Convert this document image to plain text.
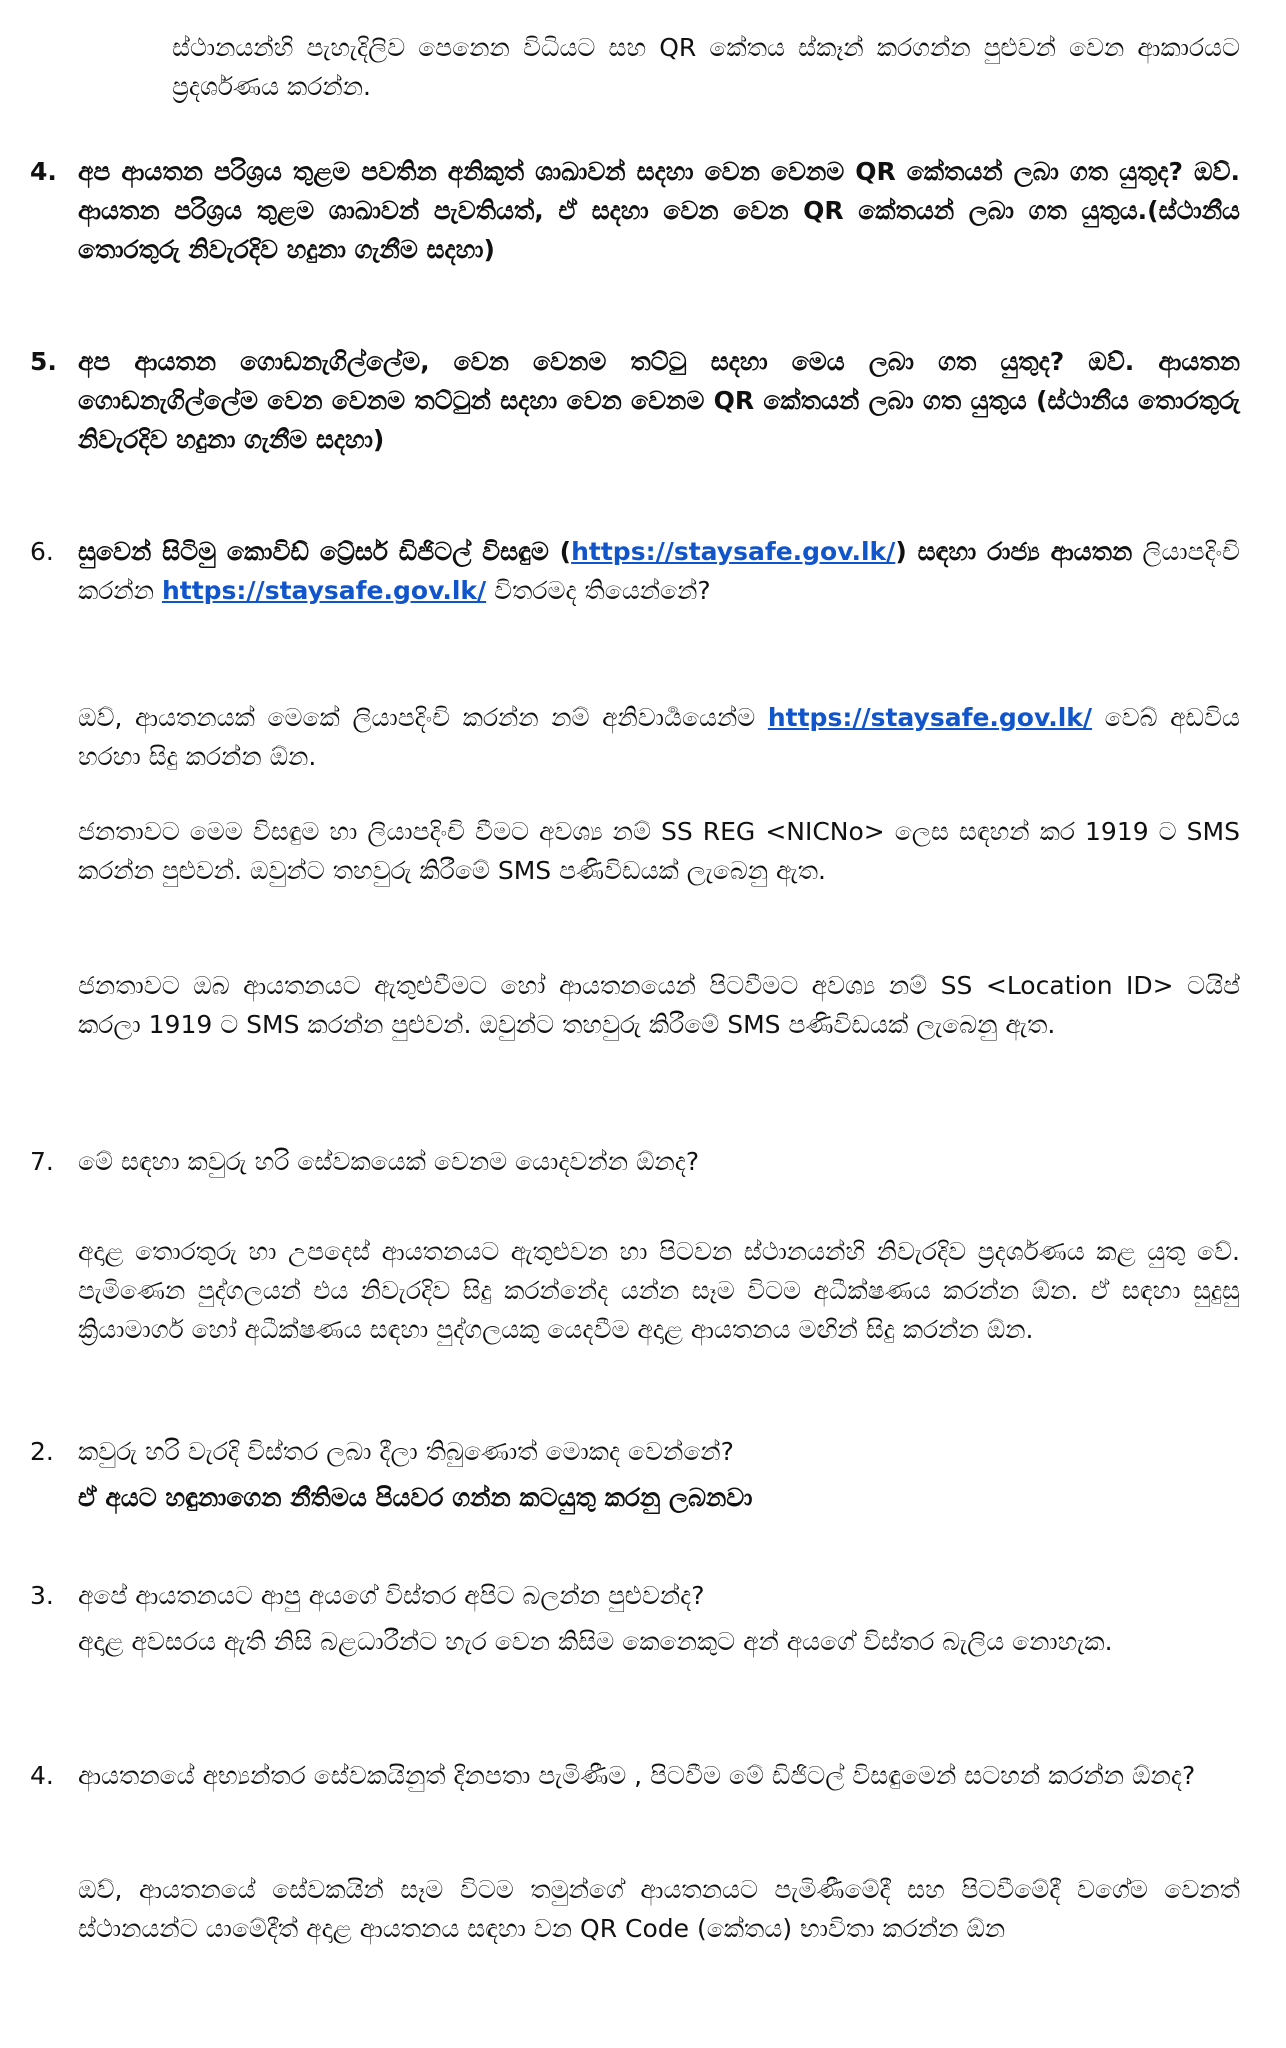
ස්ථානයන්හි පැහැදිලිව පෙනෙන විධියට සහ QR කේතය ස්කෑන් කරගන්න පුළුවන් වෙන ආකාරයට ප්‍රදර්ශණය කරන්න.

4. අප ආයතන පරිශ්‍රය තුළම පවතින අනිකුත් ශාඛාවන් සදහා වෙන වෙනම QR කේතයන් ලබා ගත යුතුද? ඔව්. ආයතන පරිශ්‍රය තුළම ශාඛාවන් පැවතියත්, ඒ සදහා වෙන වෙන QR කේතයන් ලබා ගත යුතුය.(ස්ථානීය තොරතුරු නිවැරදිව හදුනා ගැනීම සදහා)

5. අප ආයතන ගොඩනැගිල්ලේම, වෙන වෙනම තට්ටු සදහා මෙය ලබා ගත යුතුද? ඔව්. ආයතන ගොඩනැගිල්ලේම වෙන වෙනම තට්ටුන් සදහා වෙන වෙනම QR කේතයන් ලබා ගත යුතුය (ස්ථානීය තොරතුරු නිවැරදිව හදුනා ගැනීම සදහා)

6. සුවෙන් සිටිමු කොවිඩ් ට්‍රේසර් ඩිජිටල් විසඳුම (https://staysafe.gov.lk/) සඳහා රාජ්‍ය ආයතන ලියාපදිංචි කරන්න https://staysafe.gov.lk/ විතරමද තියෙන්නේ?

ඔව්, ආයතනයක් මෙකේ ලියාපදිංචි කරන්න නම් අනිවාර්‍යයෙන්ම https://staysafe.gov.lk/ වෙබ් අඩවිය හරහා සිදු කරන්න ඕන.

ජනතාවට මෙම විසඳුම හා ලියාපදිංචි වීමට අවශ්‍ය නම් SS REG <NICNo> ලෙස සඳහන් කර 1919 ට SMS කරන්න පුළුවන්. ඔවුන්ට තහවුරු කිරීමේ SMS පණිවිඩයක් ලැබෙනු ඇත.

ජනතාවට ඔබ ආයතනයට ඇතුළුවීමට හෝ ආයතනයෙන් පිටවීමට අවශ්‍ය නම් SS <Location ID> ටයිප් කරලා 1919 ට SMS කරන්න පුළුවන්. ඔවුන්ට තහවුරු කිරීමේ SMS පණිවිඩයක් ලැබෙනු ඇත.

7. මේ සඳහා කවුරු හරි සේවකයෙක් වෙනම යොදවන්න ඕනද?

අදාළ තොරතුරු හා උපදෙස් ආයතනයට ඇතුළුවන හා පිටවන ස්ථානයන්හි නිවැරදිව ප්‍රදර්ශණය කළ යුතු වේ. පැමිණෙන පුද්ගලයන් එය නිවැරදිව සිදු කරන්නේද යන්න සෑම විටම අධීක්ෂණය කරන්න ඕන. ඒ සඳහා සුදුසු ක්‍රියාමාර්ග හෝ අධීක්ෂණය සඳහා පුද්ගලයකු යෙදවීම අදාළ ආයතනය මඟින් සිදු කරන්න ඕන.

2. කවුරු හරි වැරදි විස්තර ලබා දීලා තිබුණොත් මොකද වෙන්නේ?

ඒ අයට හඳුනාගෙන නීතිමය පියවර ගන්න කටයුතු කරනු ලබනවා

3. අපේ ආයතනයට ආපු අයගේ විස්තර අපිට බලන්න පුළුවන්ද?

අදාළ අවසරය ඇති නිසි බළධාරීන්ට හැර වෙන කිසිම කෙනෙකුට අන් අයගේ විස්තර බැලිය නොහැක.

4. ආයතනයේ අභ්‍යන්තර සේවකයිනුත් දිනපතා පැමිණීම , පිටවීම මේ ඩිජිටල් විසඳුමෙන් සටහන් කරන්න ඕනද?

ඔව්, ආයතනයේ සේවකයින් සෑම විටම තමුන්ගේ ආයතනයට පැමිණීමේදී සහ පිටවීමේදී වගේම වෙනත් ස්ථානයන්ට යාමේදීත් අදාළ ආයතනය සඳහා වන QR Code (කේතය) භාවිතා කරන්න ඕන
